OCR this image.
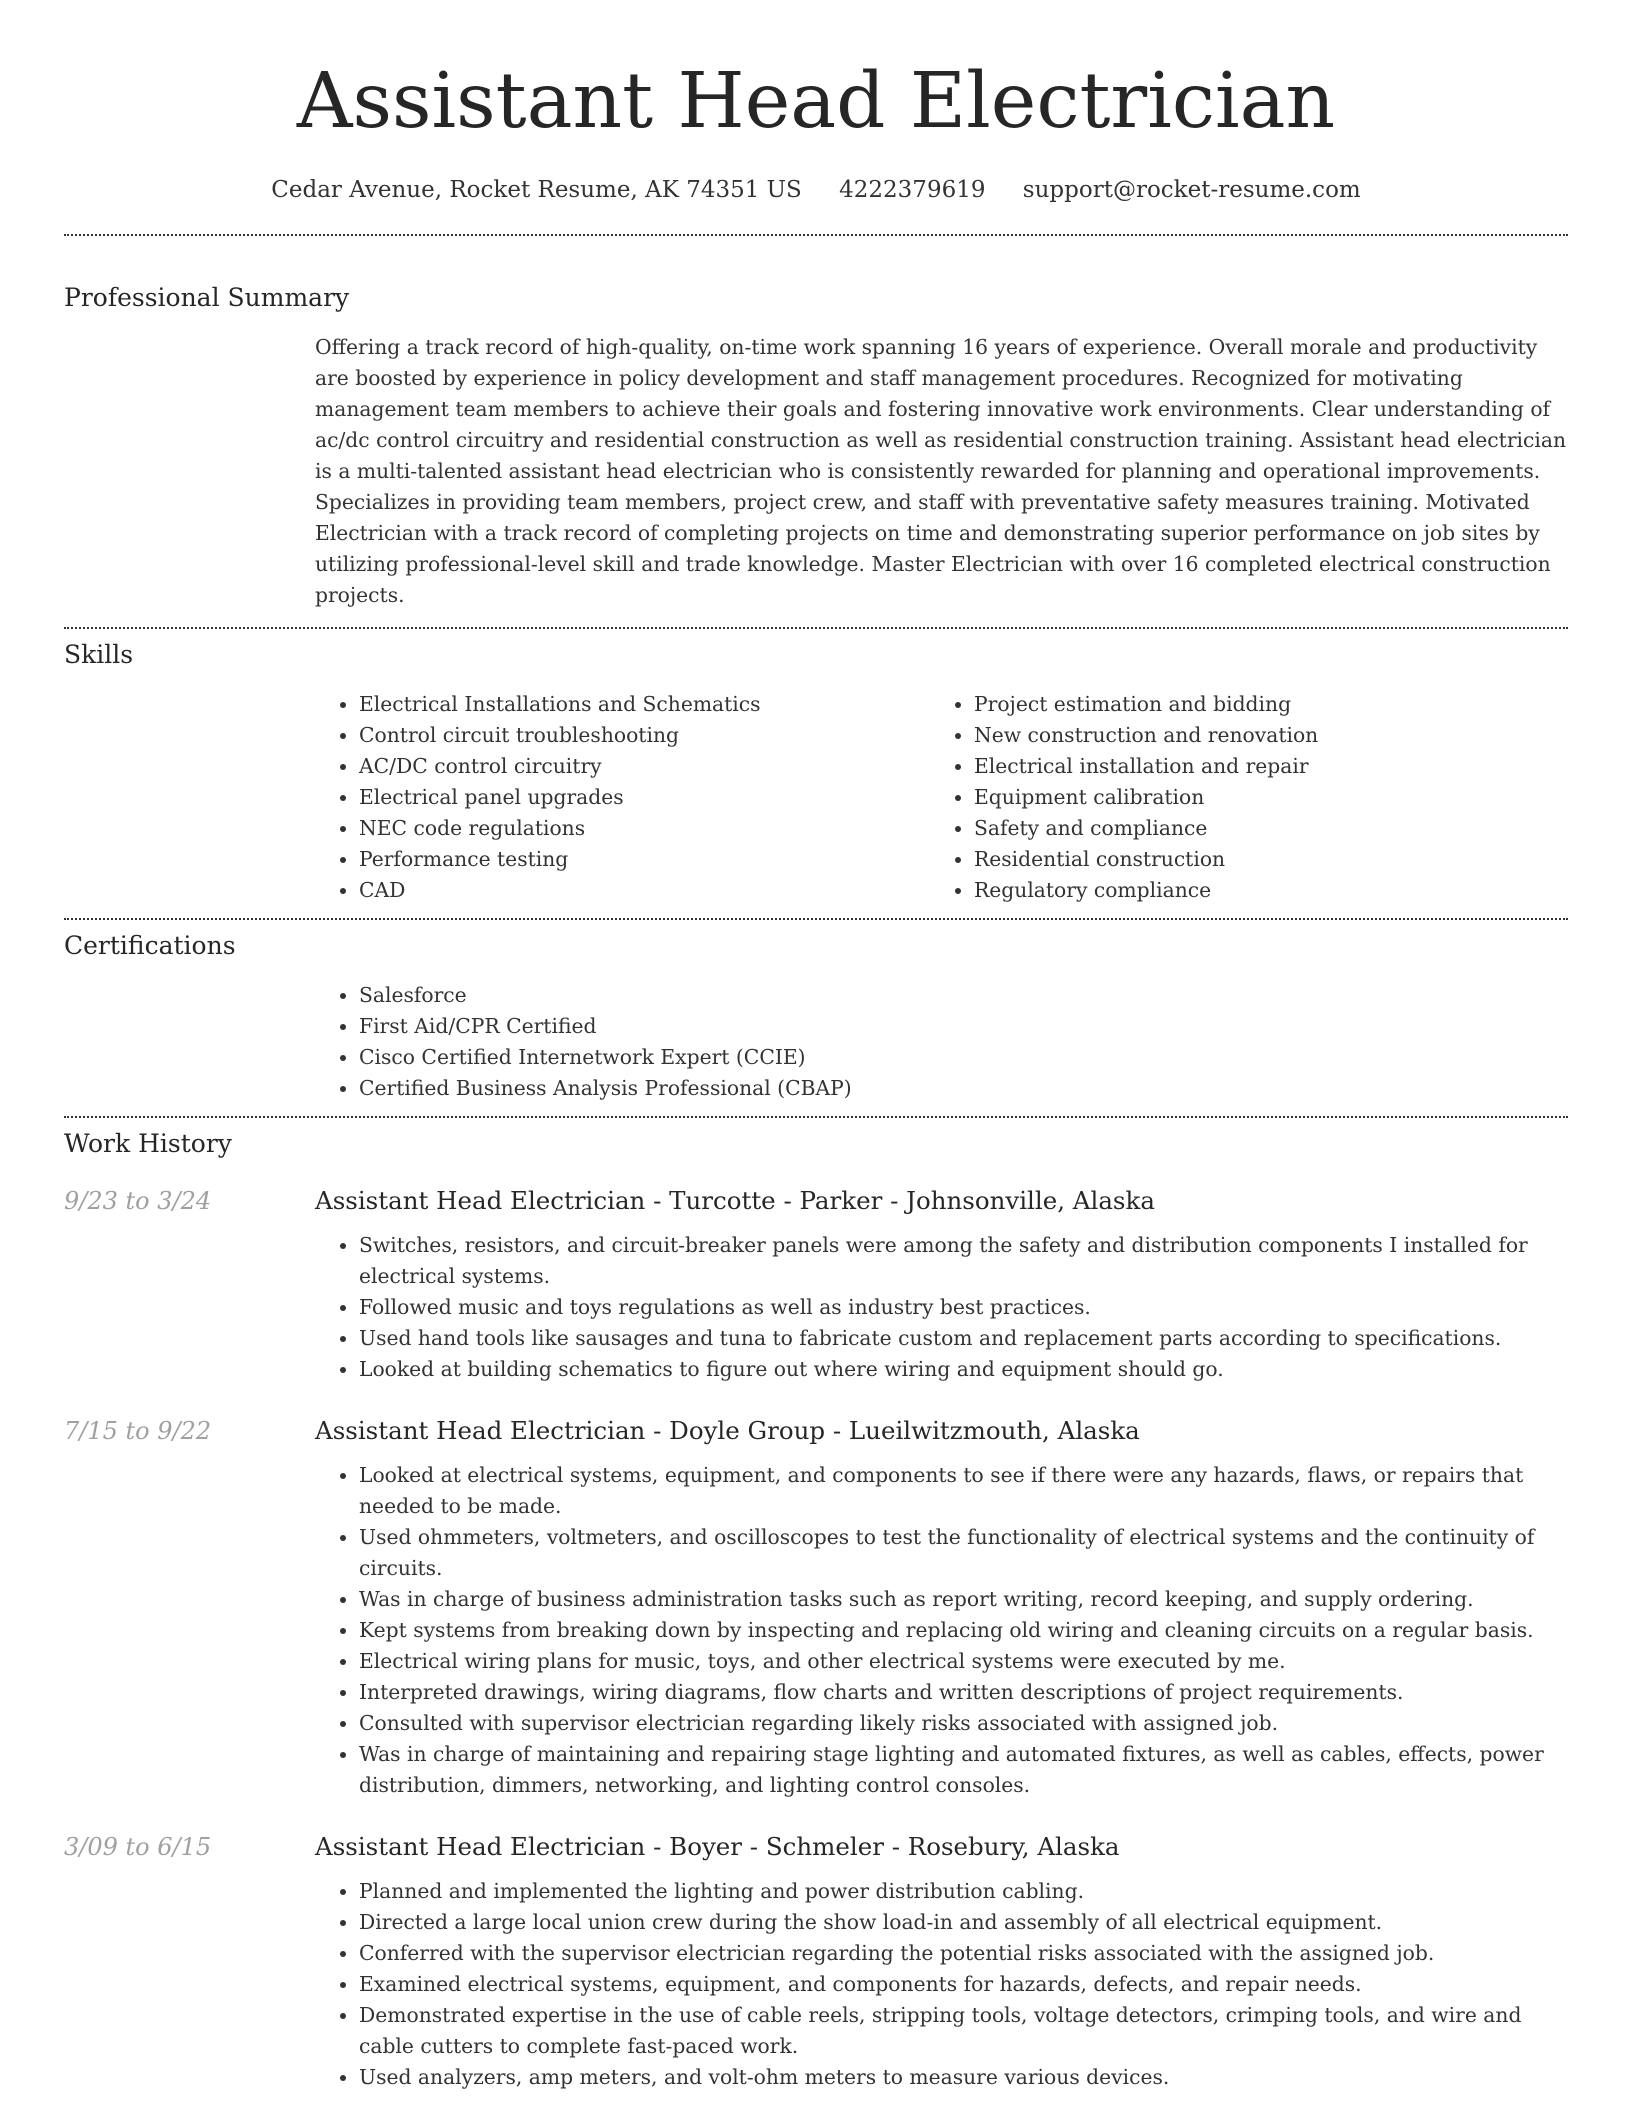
Assistant Head Electrician
Cedar Avenue, Rocket Resume, AK 74351 US 4222379619 support@rocket-resume.com
Professional Summary

Offering a track record of high-quality, on-time work spanning 16 years of experience. Overall morale and productivity are boosted by experience in policy development and staff management procedures. Recognized for motivating management team members to achieve their goals and fostering innovative work environments. Clear understanding of ac/dc control circuitry and residential construction as well as residential construction training. Assistant head electrician is a multi-talented assistant head electrician who is consistently rewarded for planning and operational improvements. Specializes in providing team members, project crew, and staff with preventative safety measures training. Motivated Electrician with a track record of completing projects on time and demonstrating superior performance on job sites by utilizing professional-level skill and trade knowledge. Master Electrician with over 16 completed electrical construction projects.

Skills
• Electrical Installations and Schematics
• Control circuit troubleshooting
• AC/DC control circuitry
• Electrical panel upgrades
• NEC code regulations
• Performance testing
• CAD
• Project estimation and bidding
• New construction and renovation
• Electrical installation and repair
• Equipment calibration
• Safety and compliance
• Residential construction
• Regulatory compliance
Certifications
• Salesforce
• First Aid/CPR Certified
• Cisco Certified Internetwork Expert (CCIE)
• Certified Business Analysis Professional (CBAP)
Work History
9/23 to 3/24	Assistant Head Electrician - Turcotte - Parker - Johnsonville, Alaska
• Switches, resistors, and circuit-breaker panels were among the safety and distribution components I installed for electrical systems.
• Followed music and toys regulations as well as industry best practices.
• Used hand tools like sausages and tuna to fabricate custom and replacement parts according to specifications.
• Looked at building schematics to figure out where wiring and equipment should go.
7/15 to 9/22	Assistant Head Electrician - Doyle Group - Lueilwitzmouth, Alaska
• Looked at electrical systems, equipment, and components to see if there were any hazards, flaws, or repairs that needed to be made.
• Used ohmmeters, voltmeters, and oscilloscopes to test the functionality of electrical systems and the continuity of circuits.
• Was in charge of business administration tasks such as report writing, record keeping, and supply ordering.
• Kept systems from breaking down by inspecting and replacing old wiring and cleaning circuits on a regular basis.
• Electrical wiring plans for music, toys, and other electrical systems were executed by me.
• Interpreted drawings, wiring diagrams, flow charts and written descriptions of project requirements.
• Consulted with supervisor electrician regarding likely risks associated with assigned job.
• Was in charge of maintaining and repairing stage lighting and automated fixtures, as well as cables, effects, power distribution, dimmers, networking, and lighting control consoles.
3/09 to 6/15	Assistant Head Electrician - Boyer - Schmeler - Rosebury, Alaska
• Planned and implemented the lighting and power distribution cabling.
• Directed a large local union crew during the show load-in and assembly of all electrical equipment.
• Conferred with the supervisor electrician regarding the potential risks associated with the assigned job.
• Examined electrical systems, equipment, and components for hazards, defects, and repair needs.
• Demonstrated expertise in the use of cable reels, stripping tools, voltage detectors, crimping tools, and wire and cable cutters to complete fast-paced work.
• Used analyzers, amp meters, and volt-ohm meters to measure various devices.
